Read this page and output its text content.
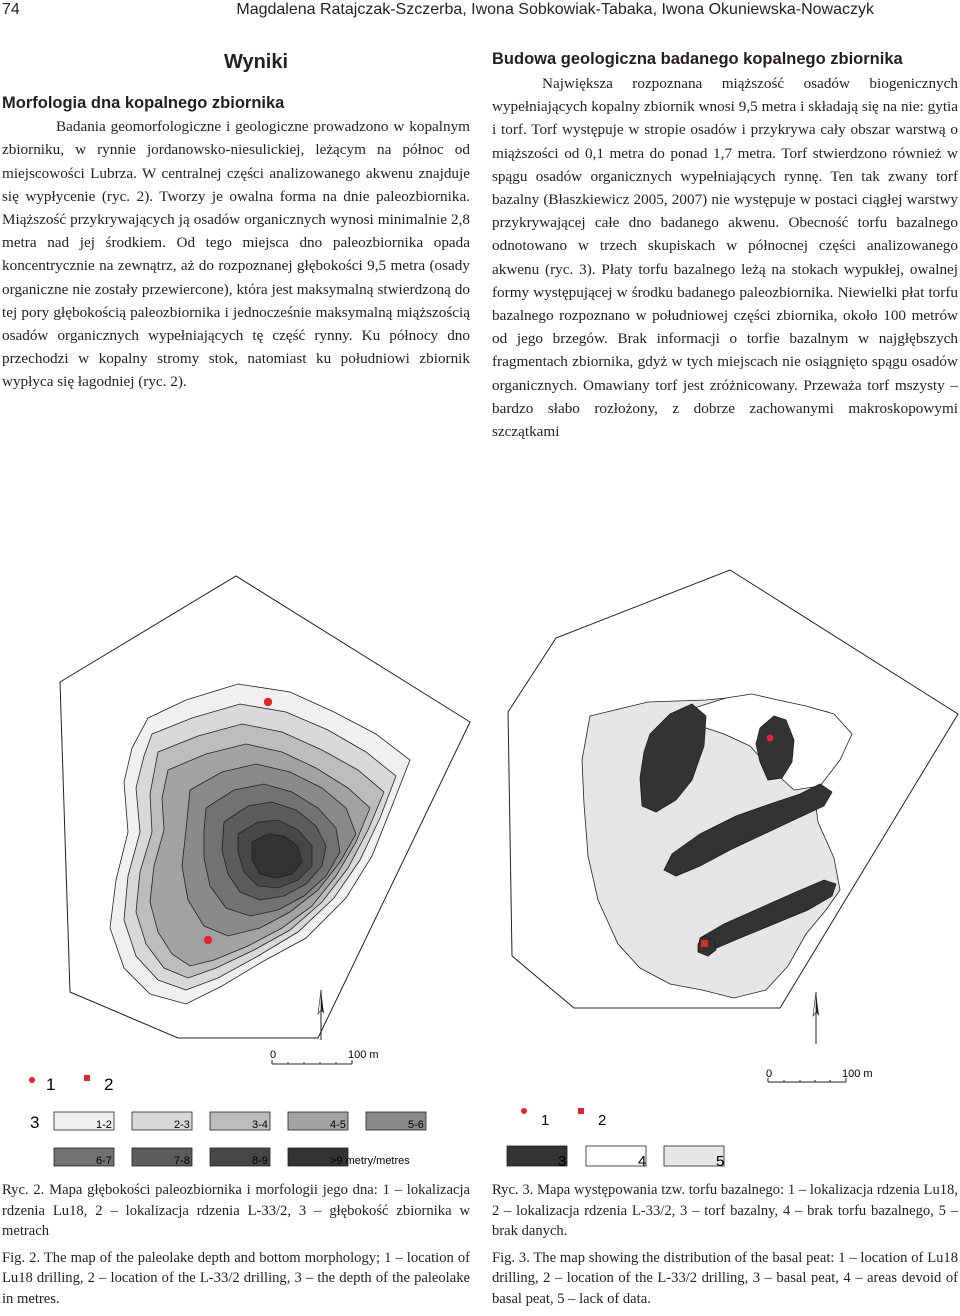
74	Magdalena Ratajczak-Szczerba, Iwona Sobkowiak-Tabaka, Iwona Okuniewska-Nowaczyk
Wyniki
Morfologia dna kopalnego zbiornika

Badania geomorfologiczne i geologiczne prowadzono w kopalnym zbiorniku, w rynnie jordanowsko-niesulickiej, leżącym na północ od miejscowości Lubrza. W centralnej części analizowanego akwenu znajduje się wypłycenie (ryc. 2). Tworzy je owalna forma na dnie paleozbiornika. Miąższość przykrywających ją osadów organicznych wynosi minimalnie 2,8 metra nad jej środkiem. Od tego miejsca dno paleozbiornika opada koncentrycznie na zewnątrz, aż do rozpoznanej głębokości 9,5 metra (osady organiczne nie zostały przewiercone), która jest maksymalną stwierdzoną do tej pory głębokością paleozbiornika i jednocześnie maksymalną miąższością osadów organicznych wypełniających tę część rynny. Ku północy dno przechodzi w kopalny stromy stok, natomiast ku południowi zbiornik wypłyca się łagodniej (ryc. 2).

Budowa geologiczna badanego kopalnego zbiornika

Największa rozpoznana miąższość osadów biogenicznych wypełniających kopalny zbiornik wnosi 9,5 metra i składają się na nie: gytia i torf. Torf występuje w stropie osadów i przykrywa cały obszar warstwą o miąższości od 0,1 metra do ponad 1,7 metra. Torf stwierdzono również w spągu osadów organicznych wypełniających rynnę. Ten tak zwany torf bazalny (Błaszkiewicz 2005, 2007) nie występuje w postaci ciągłej warstwy przykrywającej całe dno badanego akwenu. Obecność torfu bazalnego odnotowano w trzech skupiskach w północnej części analizowanego akwenu (ryc. 3). Płaty torfu bazalnego leżą na stokach wypukłej, owalnej formy występującej w środku badanego paleozbiornika. Niewielki płat torfu bazalnego rozpoznano w południowej części zbiornika, około 100 metrów od jego brzegów. Brak informacji o torfie bazalnym w najgłębszych fragmentach zbiornika, gdyż w tych miejscach nie osiągnięto spągu osadów organicznych. Omawiany torf jest zróżnicowany. Przeważa torf mszysty – bardzo słabo rozłożony, z dobrze zachowanymi makroskopowymi szczątkami

0	100 m
1	2
3	1-2	2-3	3-4	4-5	5-6
6-7	7-8	8-9	>9 metry/metres
0	100 m
1	2
3	4	5

Ryc. 2. Mapa głębokości paleozbiornika i morfologii jego dna: 1 – lokalizacja rdzenia Lu18, 2 – lokalizacja rdzenia L-33/2, 3 – głębokość zbiornika w metrach

Fig. 2. The map of the paleolake depth and bottom morphology; 1 – location of Lu18 drilling, 2 – location of the L-33/2 drilling, 3 – the depth of the paleolake in metres.

Ryc. 3. Mapa występowania tzw. torfu bazalnego: 1 – lokalizacja rdzenia Lu18, 2 – lokalizacja rdzenia L-33/2, 3 – torf bazalny, 4 – brak torfu bazalnego, 5 – brak danych.

Fig. 3. The map showing the distribution of the basal peat: 1 – location of Lu18 drilling, 2 – location of the L-33/2 drilling, 3 – basal peat, 4 – areas devoid of basal peat, 5 – lack of data.
